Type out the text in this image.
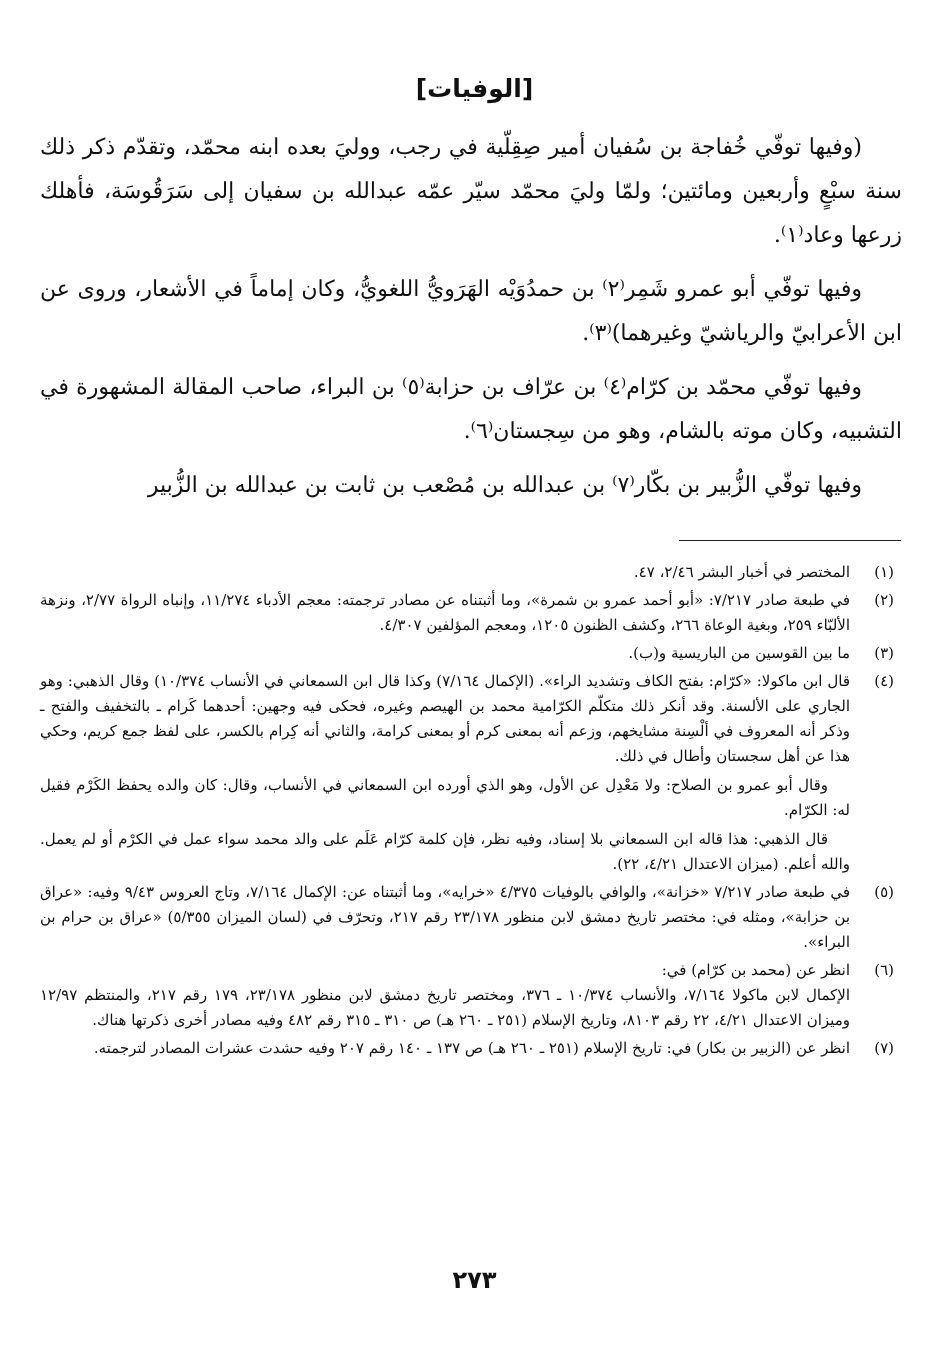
[الوفيات]

(وفيها توفّي خُفاجة بن سُفيان أمير صِقِلّية في رجب، ووليَ بعده ابنه محمّد، وتقدّم ذكر ذلك سنة سبْعٍ وأربعين ومائتين؛ ولمّا وليَ محمّد سيّر عمّه عبدالله بن سفيان إلى سَرَقُوسَة، فأهلك زرعها وعاد⁽١⁾.

وفيها توفّي أبو عمرو شَمِر⁽٢⁾ بن حمدُوَيْه الهَرَويُّ اللغويُّ، وكان إماماً في الأشعار، وروى عن ابن الأعرابيّ والرياشيّ وغيرهما)⁽٣⁾.

وفيها توفّي محمّد بن كرّام⁽٤⁾ بن عرّاف بن حزابة⁽٥⁾ بن البراء، صاحب المقالة المشهورة في التشبيه، وكان موته بالشام، وهو من سِجستان⁽٦⁾.

وفيها توفّي الزُّبير بن بكّار⁽٧⁾ بن عبدالله بن مُصْعب بن ثابت بن عبدالله بن الزُّبير

(١)

المختصر في أخبار البشر ٢/٤٦، ٤٧.

(٢)

في طبعة صادر ٧/٢١٧: «أبو أحمد عمرو بن شمرة»، وما أثبتناه عن مصادر ترجمته: معجم الأدباء ١١/٢٧٤، وإنباه الرواة ٢/٧٧، ونزهة الألبّاء ٢٥٩، وبغية الوعاة ٢٦٦، وكشف الظنون ١٢٠٥، ومعجم المؤلفين ٤/٣٠٧.

(٣)

ما بين القوسين من الباريسية و(ب).

(٤)

قال ابن ماكولا: «كرّام: بفتح الكاف وتشديد الراء». (الإكمال ٧/١٦٤) وكذا قال ابن السمعاني في الأنساب ١٠/٣٧٤) وقال الذهبي: وهو الجاري على الألسنة. وقد أنكر ذلك متكلّم الكرّامية محمد بن الهيصم وغيره، فحكى فيه وجهين: أحدهما كَرام ـ بالتخفيف والفتح ـ وذكر أنه المعروف في ألْسِنة مشايخهم، وزعم أنه بمعنى كرم أو بمعنى كرامة، والثاني أنه كِرام بالكسر، على لفظ جمع كريم، وحكي هذا عن أهل سجستان وأطال في ذلك.

وقال أبو عمرو بن الصلاح: ولا مَعْدِل عن الأول، وهو الذي أورده ابن السمعاني في الأنساب، وقال: كان والده يحفظ الكَرْم فقيل له: الكرّام.

قال الذهبي: هذا قاله ابن السمعاني بلا إسناد، وفيه نظر، فإن كلمة كرّام عَلَم على والد محمد سواء عمل في الكرْم أو لم يعمل. والله أعلم. (ميزان الاعتدال ٤/٢١، ٢٢).

(٥)

في طبعة صادر ٧/٢١٧ «خزانة»، والوافي بالوفيات ٤/٣٧٥ «خرايه»، وما أثبتناه عن: الإكمال ٧/١٦٤، وتاج العروس ٩/٤٣ وفيه: «عراق بن حزابة»، ومثله في: مختصر تاريخ دمشق لابن منظور ٢٣/١٧٨ رقم ٢١٧، وتحرّف في (لسان الميزان ٥/٣٥٥) «عراق بن حرام بن البراء».

(٦)

انظر عن (محمد بن كرّام) في:

الإكمال لابن ماكولا ٧/١٦٤، والأنساب ١٠/٣٧٤ ـ ٣٧٦، ومختصر تاريخ دمشق لابن منظور ٢٣/١٧٨، ١٧٩ رقم ٢١٧، والمنتظم ١٢/٩٧ وميزان الاعتدال ٤/٢١، ٢٢ رقم ٨١٠٣، وتاريخ الإسلام (٢٥١ ـ ٢٦٠ هـ) ص ٣١٠ ـ ٣١٥ رقم ٤٨٢ وفيه مصادر أخرى ذكرتها هناك.

(٧)

انظر عن (الزبير بن بكار) في: تاريخ الإسلام (٢٥١ ـ ٢٦٠ هـ) ص ١٣٧ ـ ١٤٠ رقم ٢٠٧ وفيه حشدت عشرات المصادر لترجمته.

٢٧٣
